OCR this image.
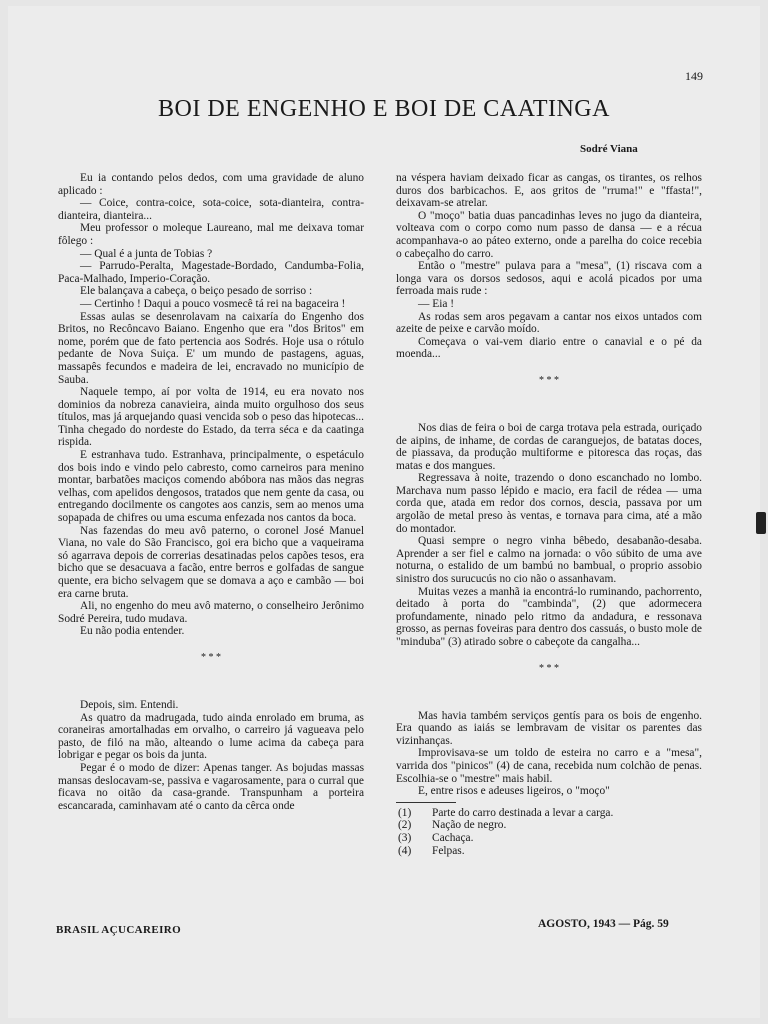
149
BOI DE ENGENHO E BOI DE CAATINGA
Sodré Viana

Eu ia contando pelos dedos, com uma gravidade de aluno aplicado :

— Coice, contra-coice, sota-coice, sota-dianteira, contra-dianteira, dianteira...

Meu professor o moleque Laureano, mal me deixava tomar fôlego :

— Qual é a junta de Tobias ?

— Parrudo-Peralta, Magestade-Bordado, Candumba-Folia, Paca-Malhado, Imperio-Coração.

Ele balançava a cabeça, o beiço pesado de sorriso :

— Certinho ! Daqui a pouco vosmecê tá rei na bagaceira !

Essas aulas se desenrolavam na caixaría do Engenho dos Britos, no Recôncavo Baiano. Engenho que era "dos Britos" em nome, porém que de fato pertencia aos Sodrés. Hoje usa o rótulo pedante de Nova Suiça. E' um mundo de pastagens, aguas, massapês fecundos e madeira de lei, encravado no município de Sauba.

Naquele tempo, aí por volta de 1914, eu era novato nos dominios da nobreza canavieira, ainda muito orgulhoso dos seus títulos, mas já arquejando quasi vencida sob o peso das hipotecas... Tinha chegado do nordeste do Estado, da terra séca e da caatinga rispida.

E estranhava tudo. Estranhava, principalmente, o espetáculo dos bois indo e vindo pelo cabresto, como carneiros para menino montar, barbatões maciços comendo abóbora nas mãos das negras velhas, com apelidos dengosos, tratados que nem gente da casa, ou entregando docilmente os cangotes aos canzis, sem ao menos uma sopapada de chifres ou uma escuma enfezada nos cantos da boca.

Nas fazendas do meu avô paterno, o coronel José Manuel Viana, no vale do São Francisco, goi era bicho que a vaqueirama só agarrava depois de correrias desatinadas pelos capões tesos, era bicho que se desacuava a facão, entre berros e golfadas de sangue quente, era bicho selvagem que se domava a aço e cambão — boi era carne bruta.

Ali, no engenho do meu avô materno, o conselheiro Jerônimo Sodré Pereira, tudo mudava.

Eu não podia entender.

* * *

Depois, sim. Entendi.

As quatro da madrugada, tudo ainda enrolado em bruma, as coraneiras amortalhadas em orvalho, o carreiro já vagueava pelo pasto, de filó na mão, alteando o lume acima da cabeça para lobrigar e pegar os bois da junta.

Pegar é o modo de dizer: Apenas tanger. As bojudas massas mansas deslocavam-se, passiva e vagarosamente, para o curral que ficava no oitão da casa-grande. Transpunham a porteira escancarada, caminhavam até o canto da cêrca onde

na véspera haviam deixado ficar as cangas, os tirantes, os relhos duros dos barbicachos. E, aos gritos de "rruma!" e "ffasta!", deixavam-se atrelar.

O "moço" batia duas pancadinhas leves no jugo da dianteira, volteava com o corpo como num passo de dansa — e a récua acompanhava-o ao páteo externo, onde a parelha do coice recebia o cabeçalho do carro.

Então o "mestre" pulava para a "mesa", (1) riscava com a longa vara os dorsos sedosos, aqui e acolá picados por uma ferroada mais rude :

— Eia !

As rodas sem aros pegavam a cantar nos eixos untados com azeite de peixe e carvão moído.

Começava o vai-vem diario entre o canavial e o pé da moenda...

* * *

Nos dias de feira o boi de carga trotava pela estrada, ouriçado de aipins, de inhame, de cordas de caranguejos, de batatas doces, de piassava, da produção multiforme e pitoresca das roças, das matas e dos mangues.

Regressava à noite, trazendo o dono escanchado no lombo. Marchava num passo lépido e macio, era facil de rédea — uma corda que, atada em redor dos cornos, descia, passava por um argolão de metal preso às ventas, e tornava para cima, até a mão do montador.

Quasi sempre o negro vinha bêbedo, desabanão-desaba. Aprender a ser fiel e calmo na jornada: o vôo súbito de uma ave noturna, o estalido de um bambú no bambual, o proprio assobio sinistro dos surucucús no cio não o assanhavam.

Muitas vezes a manhã ia encontrá-lo ruminando, pachorrento, deitado à porta do "cambinda", (2) que adormecera profundamente, ninado pelo ritmo da andadura, e ressonava grosso, as pernas foveiras para dentro dos cassuás, o busto mole de "minduba" (3) atirado sobre o cabeçote da cangalha...

* * *

Mas havia também serviços gentís para os bois de engenho. Era quando as iaiás se lembravam de visitar os parentes das vizinhanças.

Improvisava-se um toldo de esteira no carro e a "mesa", varrida dos "pinicos" (4) de cana, recebida num colchão de penas. Escolhia-se o "mestre" mais habil.

E, entre risos e adeuses ligeiros, o "moço"

(1)	Parte do carro destinada a levar a carga.
(2)	Nação de negro.
(3)	Cachaça.
(4)	Felpas.
BRASIL AÇUCAREIRO	AGOSTO, 1943 — Pág. 59
